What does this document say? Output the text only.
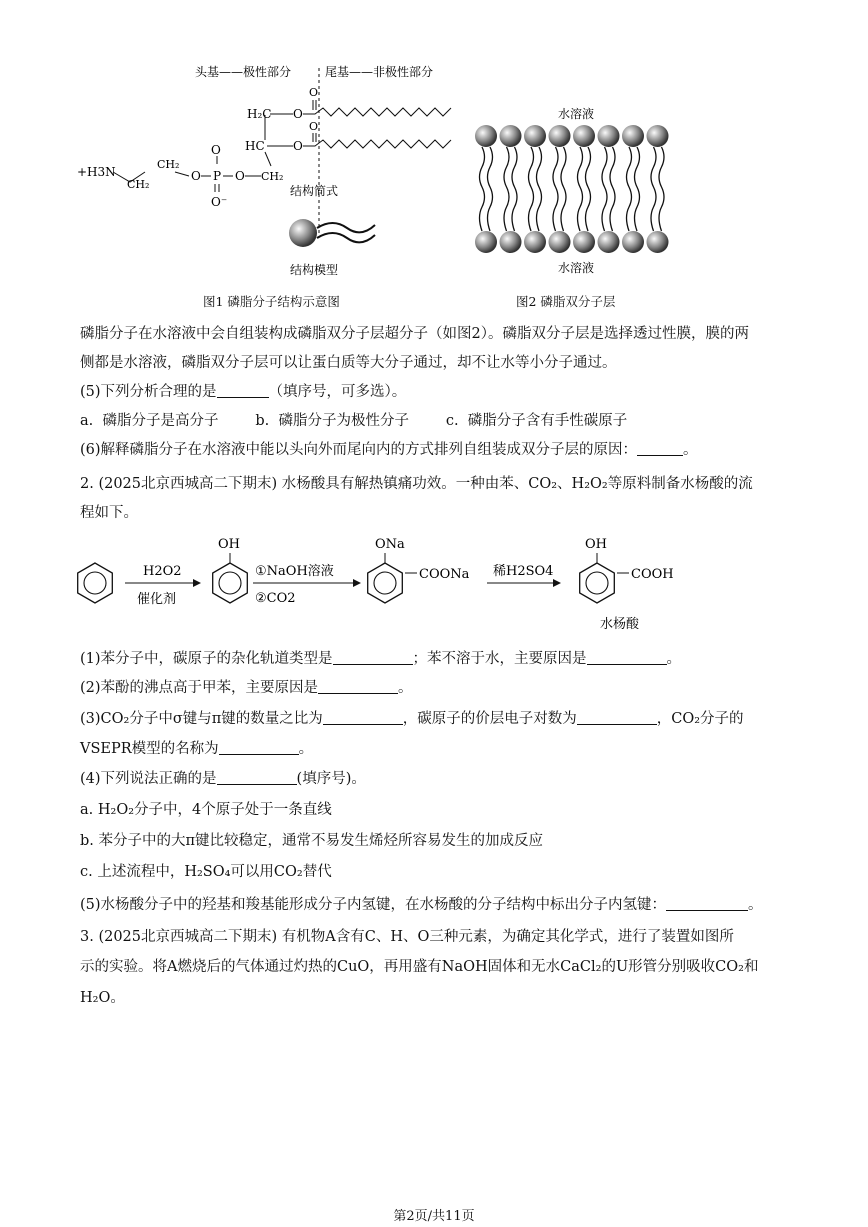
头基——极性部分	尾基——非极性部分
H₂C
HC
O
O
O
O
+H3N
CH₂
CH₂
O P O
O
O⁻
CH₂
结构简式
结构模型
图1 磷脂分子结构示意图
水溶液
水溶液
图2 磷脂双分子层
磷脂分子在水溶液中会自组装构成磷脂双分子层超分子（如图2）。磷脂双分子层是选择透过性膜，膜的两
侧都是水溶液，磷脂双分子层可以让蛋白质等大分子通过，却不让水等小分子通过。
(5)下列分析合理的是	（填序号，可多选）。
a.  磷脂分子是高分子        b.  磷脂分子为极性分子        c.  磷脂分子含有手性碳原子
(6)解释磷脂分子在水溶液中能以头向外而尾向内的方式排列自组装成双分子层的原因：	。
2. (2025北京西城高二下期末) 水杨酸具有解热镇痛功效。一种由苯、CO₂、H₂O₂等原料制备水杨酸的流
程如下。
H2O2
催化剂
OH
①NaOH溶液
②CO2
ONa
COONa 稀H2SO4
OH
COOH
水杨酸
(1)苯分子中，碳原子的杂化轨道类型是	；苯不溶于水，主要原因是	。
(2)苯酚的沸点高于甲苯，主要原因是	。
(3)CO₂分子中σ键与π键的数量之比为	，碳原子的价层电子对数为	，CO₂分子的
VSEPR模型的名称为	。
(4)下列说法正确的是	(填序号)。
a. H₂O₂分子中，4个原子处于一条直线
b. 苯分子中的大π键比较稳定，通常不易发生烯烃所容易发生的加成反应
c. 上述流程中，H₂SO₄可以用CO₂替代
(5)水杨酸分子中的羟基和羧基能形成分子内氢键，在水杨酸的分子结构中标出分子内氢键：	。
3. (2025北京西城高二下期末) 有机物A含有C、H、O三种元素，为确定其化学式，进行了装置如图所
示的实验。将A燃烧后的气体通过灼热的CuO，再用盛有NaOH固体和无水CaCl₂的U形管分别吸收CO₂和
H₂O。
第2页/共11页
